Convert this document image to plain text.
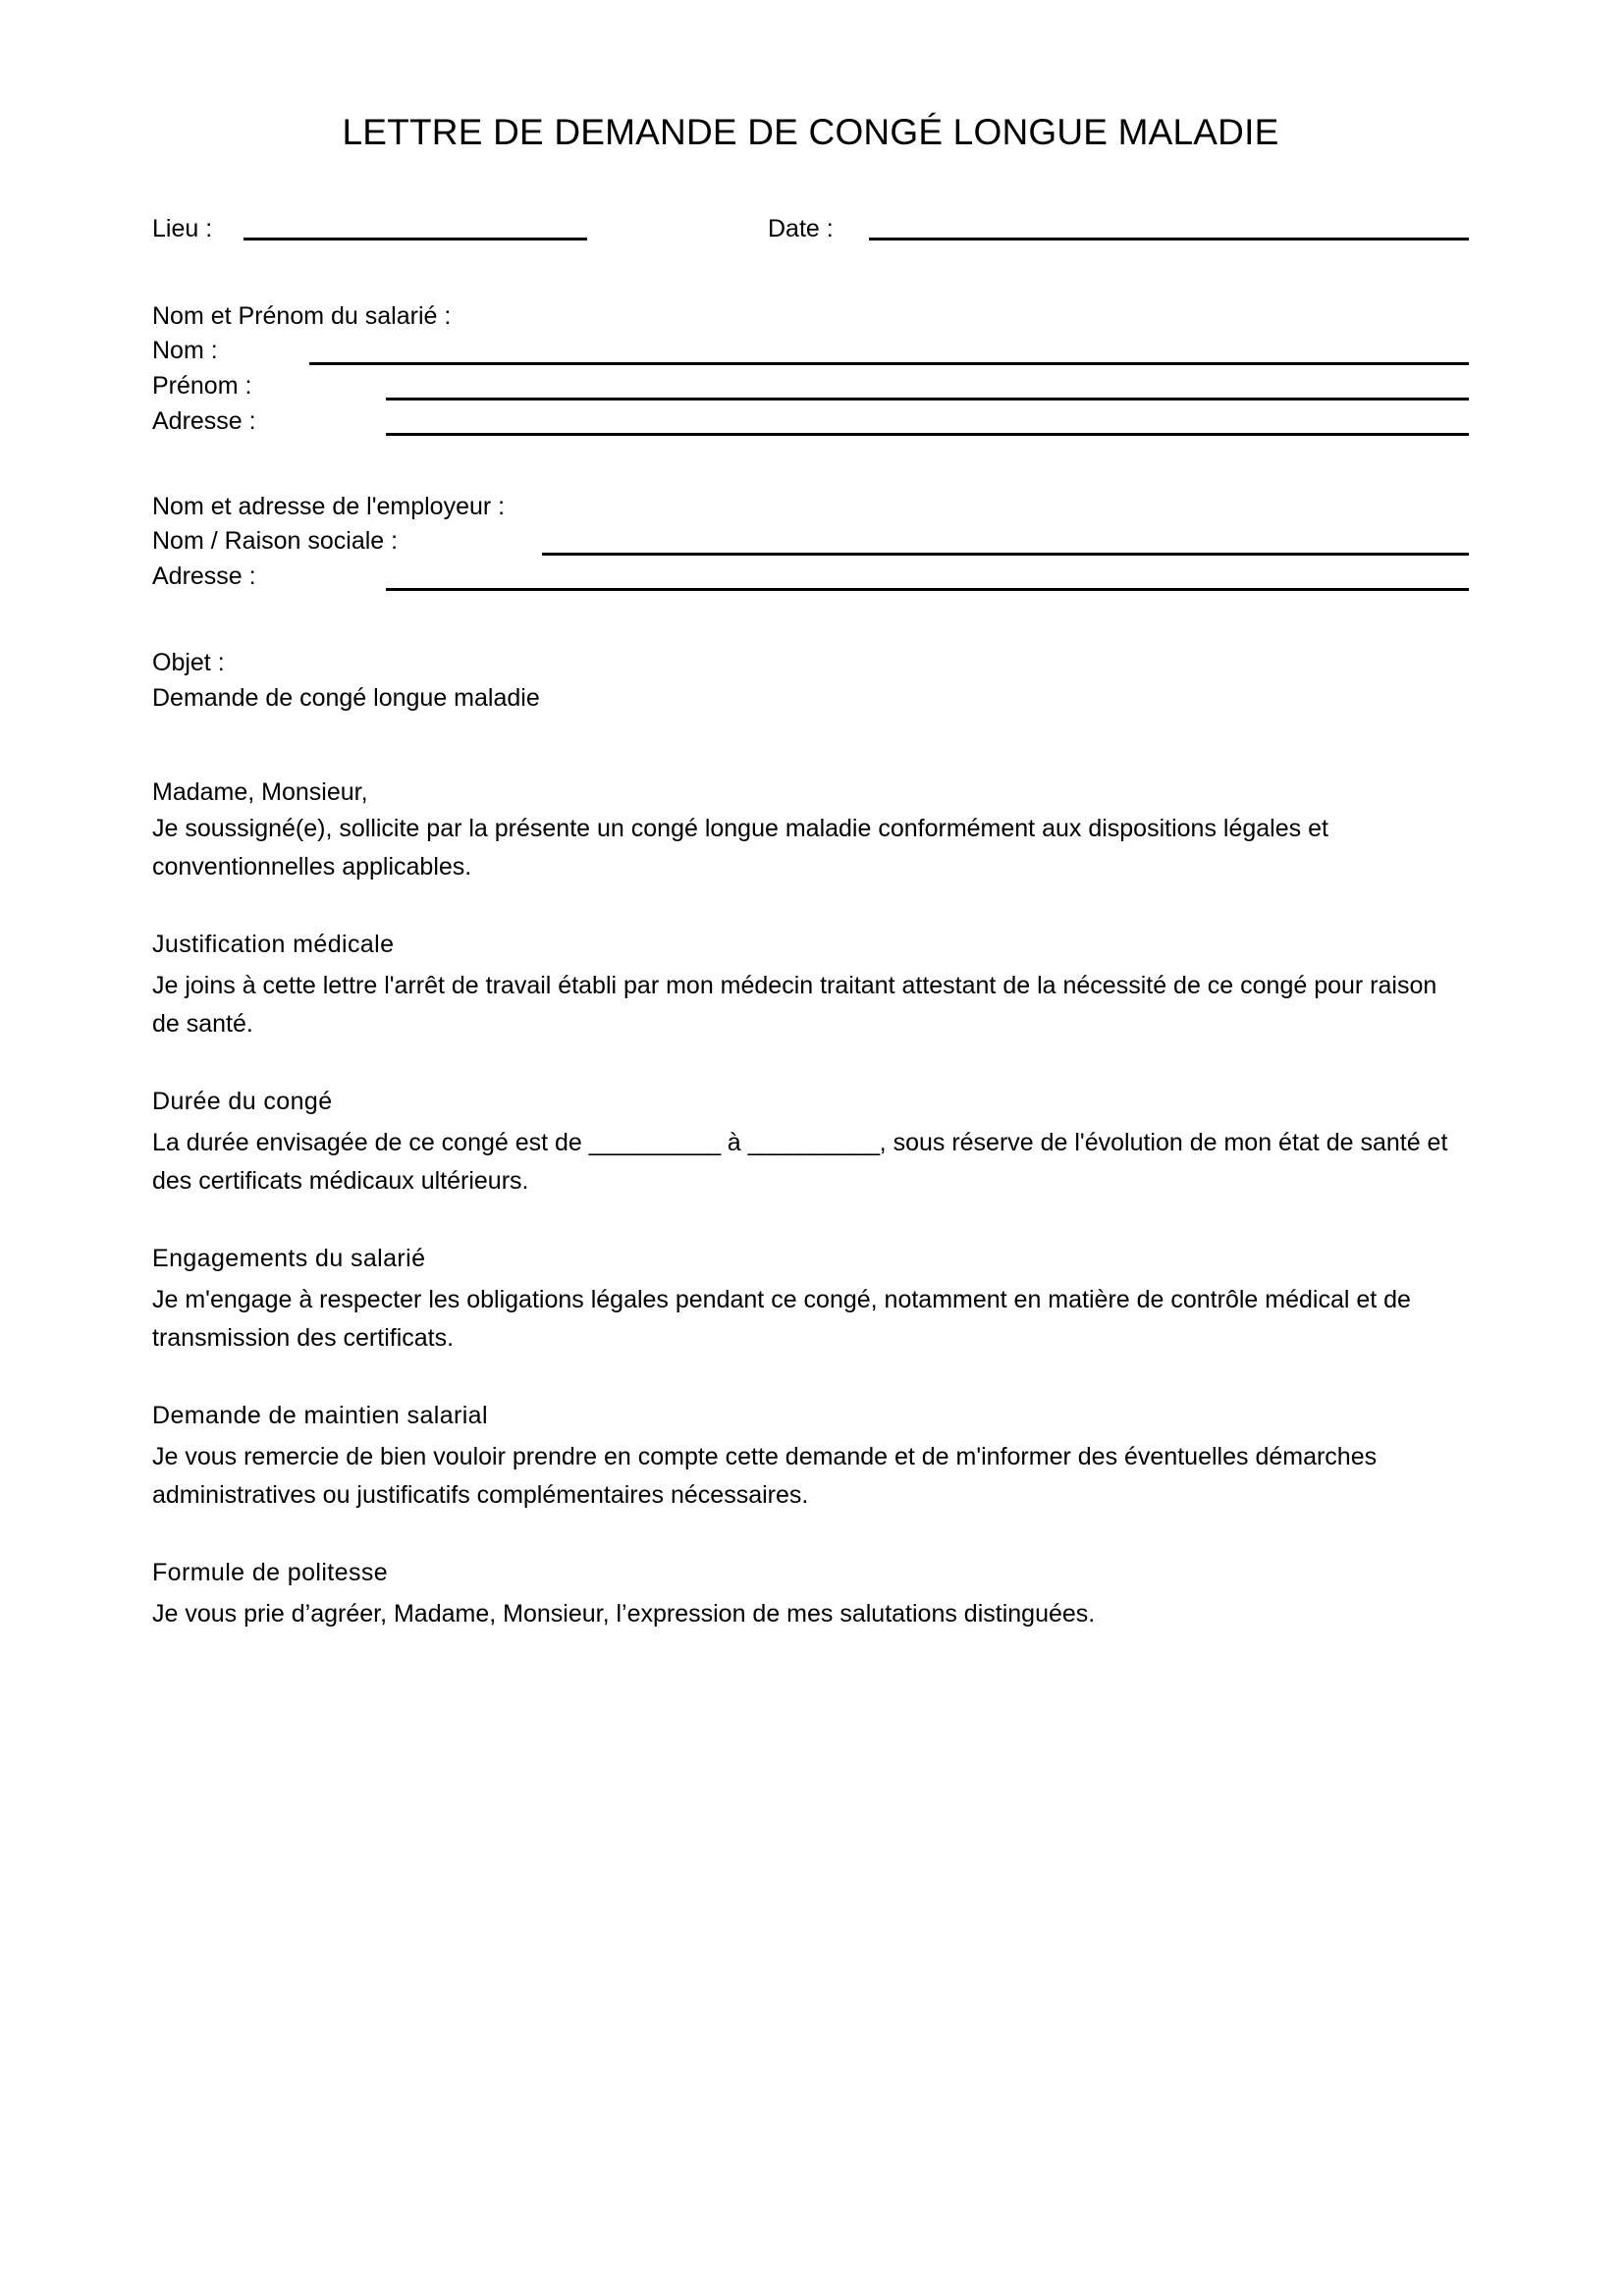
LETTRE DE DEMANDE DE CONGÉ LONGUE MALADIE
Lieu :	Date :

Nom et Prénom du salarié :

Nom :
Prénom :
Adresse :

Nom et adresse de l'employeur :

Nom / Raison sociale :
Adresse :

Objet :

Demande de congé longue maladie

Madame, Monsieur,

Je soussigné(e), sollicite par la présente un congé longue maladie conformément aux dispositions légales et conventionnelles applicables.

Justification médicale

Je joins à cette lettre l'arrêt de travail établi par mon médecin traitant attestant de la nécessité de ce congé pour raison de santé.

Durée du congé

La durée envisagée de ce congé est de __________ à __________, sous réserve de l'évolution de mon état de santé et des certificats médicaux ultérieurs.

Engagements du salarié

Je m'engage à respecter les obligations légales pendant ce congé, notamment en matière de contrôle médical et de transmission des certificats.

Demande de maintien salarial

Je vous remercie de bien vouloir prendre en compte cette demande et de m'informer des éventuelles démarches administratives ou justificatifs complémentaires nécessaires.

Formule de politesse

Je vous prie d’agréer, Madame, Monsieur, l’expression de mes salutations distinguées.
